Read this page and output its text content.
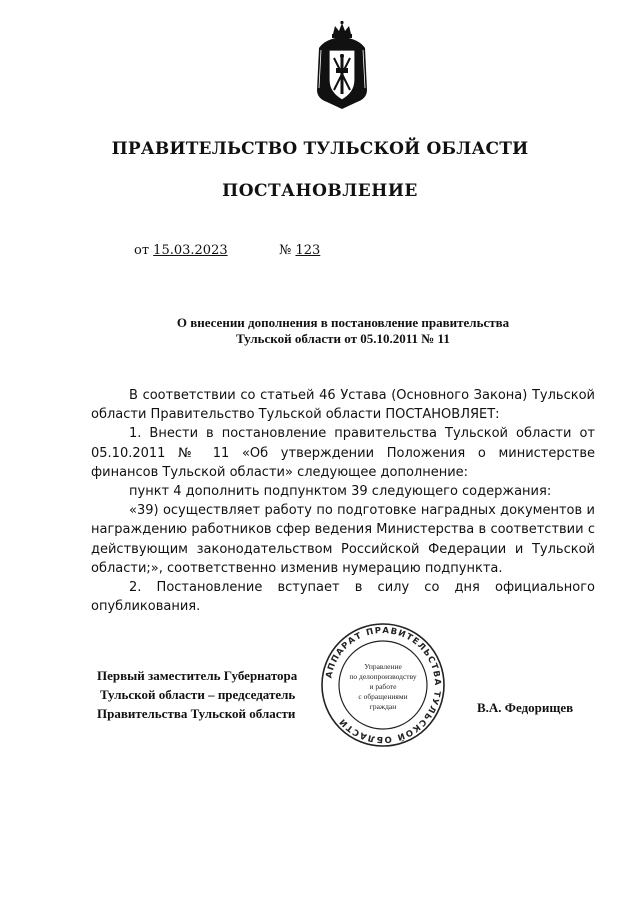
ПРАВИТЕЛЬСТВО ТУЛЬСКОЙ ОБЛАСТИ
ПОСТАНОВЛЕНИЕ
от 15.03.2023	№ 123
О внесении дополнения в постановление правительства
Тульской области от 05.10.2011 № 11

В соответствии со статьей 46 Устава (Основного Закона) Тульской области Правительство Тульской области ПОСТАНОВЛЯЕТ:

1. Внести в постановление правительства Тульской области от 05.10.2011 № 11 «Об утверждении Положения о министерстве финансов Тульской области» следующее дополнение:

пункт 4 дополнить подпунктом 39 следующего содержания:

«39) осуществляет работу по подготовке наградных документов и награждению работников сфер ведения Министерства в соответствии с действующим законодательством Российской Федерации и Тульской области;», соответственно изменив нумерацию подпункта.

2. Постановление вступает в силу со дня официального опубликования.

Первый заместитель Губернатора
Тульской области – председатель
Правительства Тульской области	В.А. Федорищев
АППАРАТ ПРАВИТЕЛЬСТВА ТУЛЬСКОЙ ОБЛАСТИ
Управление
по делопроизводству
и работе
с обращениями
граждан
